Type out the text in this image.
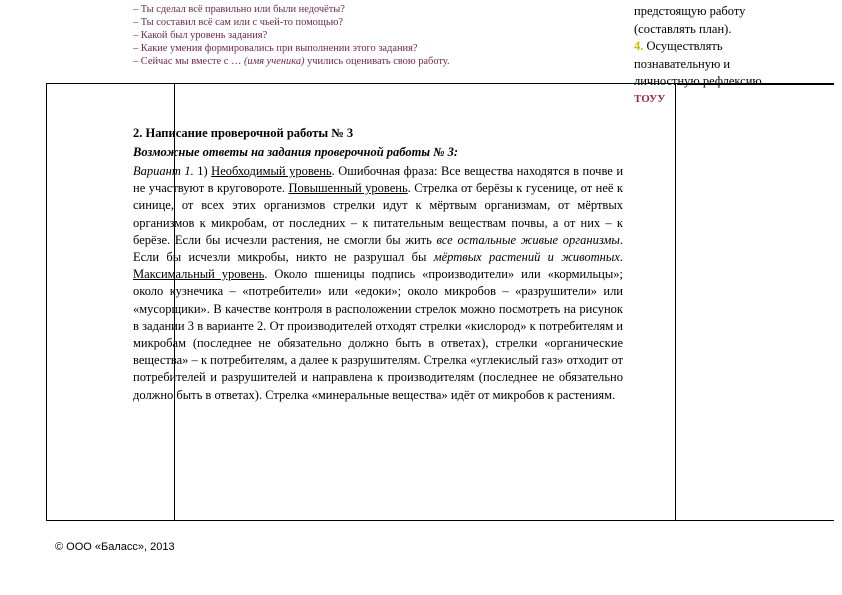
– Ты сделал всё правильно или были недочёты?
– Ты составил всё сам или с чьей-то помощью?
– Какой был уровень задания?
– Какие умения формировались при выполнении этого задания?
– Сейчас мы вместе с … (имя ученика) учились оценивать свою работу.
2. Написание проверочной работы № 3
Возможные ответы на задания проверочной работы № 3:
Вариант 1. 1) Необходимый уровень. Ошибочная фраза: Все вещества находятся в почве и не участвуют в круговороте. Повышенный уровень. Стрелка от берёзы к гусенице, от неё к синице, от всех этих организмов стрелки идут к мёртвым организмам, от мёртвых организмов к микробам, от последних – к питательным веществам почвы, а от них – к берёзе. Если бы исчезли растения, не смогли бы жить все остальные живые организмы. Если бы исчезли микробы, никто не разрушал бы мёртвых растений и животных. Максимальный уровень. Около пшеницы подпись «производители» или «кормильцы»; около кузнечика – «потребители» или «едоки»; около микробов – «разрушители» или «мусорщики». В качестве контроля в расположении стрелок можно посмотреть на рисунок в задании 3 в варианте 2. От производителей отходят стрелки «кислород» к потребителям и микробам (последнее не обязательно должно быть в ответах), стрелки «органические вещества» – к потребителям, а далее к разрушителям. Стрелка «углекислый газ» отходит от потребителей и разрушителей и направлена к производителям (последнее не обязательно должно быть в ответах). Стрелка «минеральные вещества» идёт от микробов к растениям.
предстоящую работу (составлять план).
4. Осуществлять познавательную и личностную рефлексию.
ТОУУ
© ООО «Баласс», 2013
